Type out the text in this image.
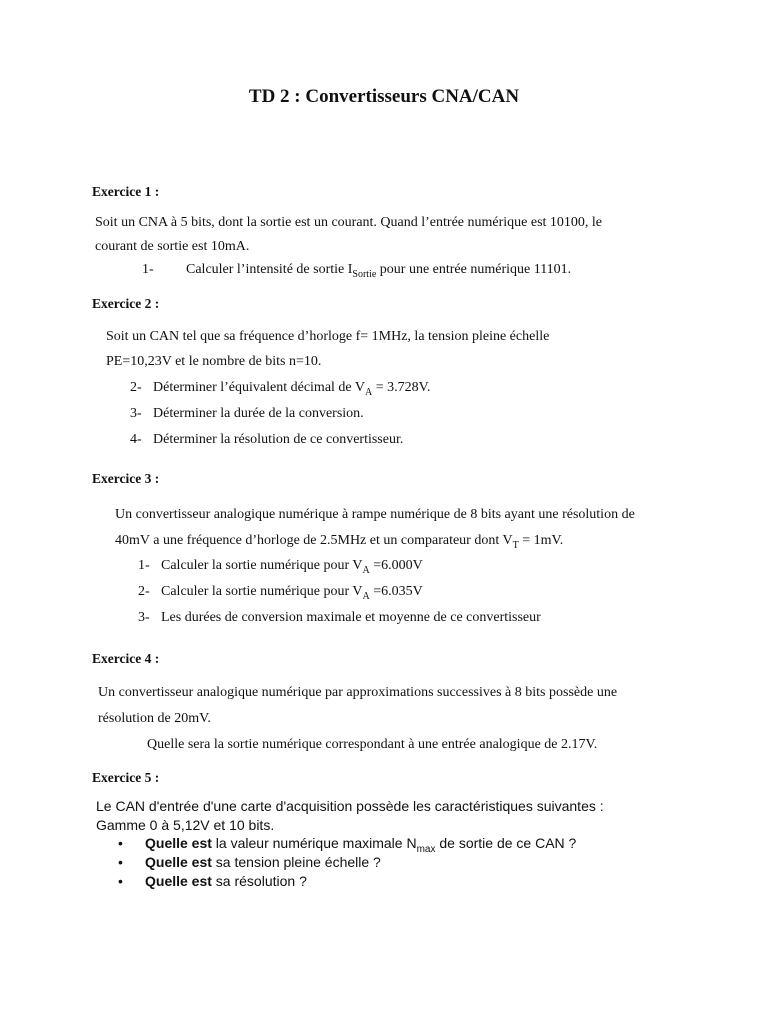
TD 2 : Convertisseurs CNA/CAN
Exercice 1 :
Soit un CNA à 5 bits, dont la sortie est un courant. Quand l’entrée numérique est 10100, le
courant de sortie est 10mA.
1- Calculer l’intensité de sortie $I_{Sortie}$ pour une entrée numérique 11101.
Exercice 2 :
Soit un CAN tel que sa fréquence d’horloge f= 1MHz, la tension pleine échelle
PE=10,23V et le nombre de bits n=10.
2- Déterminer l’équivalent décimal de $V_A = 3.728V$.
3- Déterminer la durée de la conversion.
4- Déterminer la résolution de ce convertisseur.
Exercice 3 :
Un convertisseur analogique numérique à rampe numérique de 8 bits ayant une résolution de
40mV a une fréquence d’horloge de 2.5MHz et un comparateur dont $V_T = 1mV$.
1- Calculer la sortie numérique pour $V_A =6.000V$
2- Calculer la sortie numérique pour $V_A =6.035V$
3- Les durées de conversion maximale et moyenne de ce convertisseur
Exercice 4 :
Un convertisseur analogique numérique par approximations successives à 8 bits possède une
résolution de 20mV.
Quelle sera la sortie numérique correspondant à une entrée analogique de 2.17V.
Exercice 5 :
Le CAN d'entrée d'une carte d'acquisition possède les caractéristiques suivantes :
Gamme 0 à 5,12V et 10 bits.
• Quelle est la valeur numérique maximale $N_{max}$ de sortie de ce CAN ?
• Quelle est sa tension pleine échelle ?
• Quelle est sa résolution ?
